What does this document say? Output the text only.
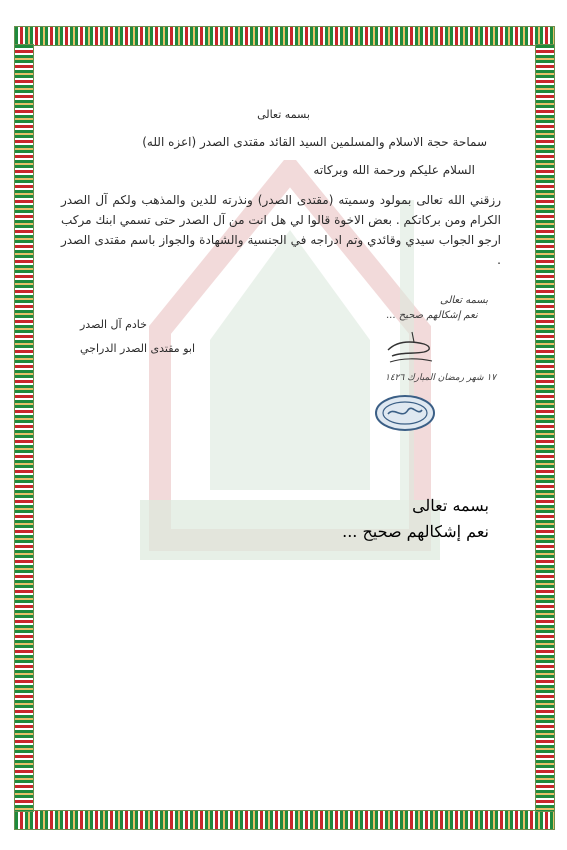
بسمه تعالى
سماحة حجة الاسلام والمسلمين السيد القائد مقتدى الصدر (اعزه الله)
السلام عليكم ورحمة الله وبركاته
رزقني الله تعالى بمولود وسميته (مقتدى الصدر) ونذرته للدين والمذهب ولكم آل الصدر الكرام ومن بركاتكم . بعض الاخوة قالوا لي هل انت من آل الصدر حتى تسمي ابنك مركب ارجو الجواب سيدي وقائدي وتم ادراجه في الجنسية والشهادة والجواز باسم مقتدى الصدر .
خادم آل الصدر
ابو مقتدى الصدر الدراجي
بسمه تعالى
نعم إشكالهم صحيح ...
١٧ شهر رمضان المبارك ١٤٢٦
بسمه تعالى
نعم إشكالهم صحيح ...
